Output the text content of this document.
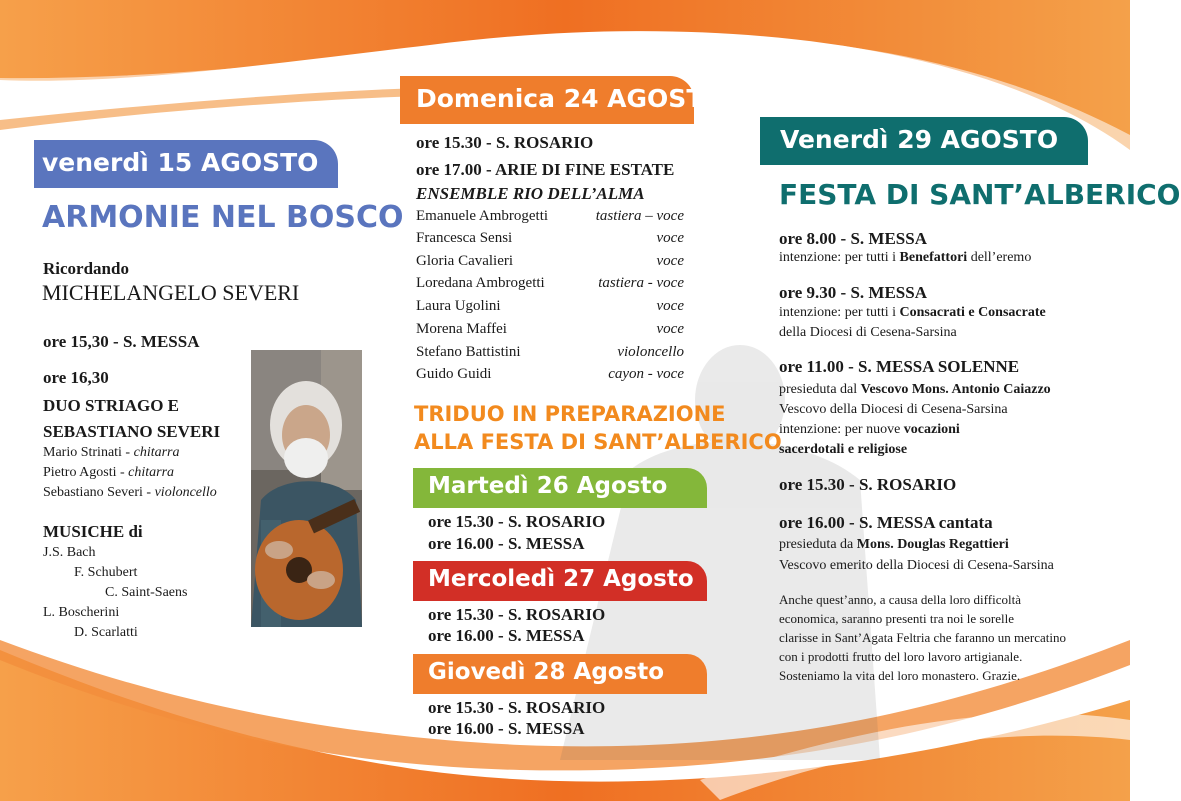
venerdì 15 AGOSTO
ARMONIE NEL BOSCO
Ricordando
MICHELANGELO SEVERI
ore 15,30 - S. MESSA
ore 16,30
DUO STRIAGO E
SEBASTIANO SEVERI
Mario Strinati - chitarra
Pietro Agosti - chitarra
Sebastiano Severi - violoncello
MUSICHE di
J.S. Bach
F. Schubert
C. Saint-Saens
L. Boscherini
D. Scarlatti
Domenica 24 AGOSTO
ore 15.30 - S. ROSARIO
ore 17.00 - ARIE DI FINE ESTATE
ENSEMBLE RIO DELL’ALMA
Emanuele Ambrogetti	tastiera – voce
Francesca Sensi	voce
Gloria Cavalieri	voce
Loredana Ambrogetti	tastiera - voce
Laura Ugolini	voce
Morena Maffei	voce
Stefano Battistini	violoncello
Guido Guidi	cayon - voce
TRIDUO IN PREPARAZIONE
ALLA FESTA DI SANT’ALBERICO
Martedì 26 Agosto
ore 15.30 - S. ROSARIO
ore 16.00 - S. MESSA
Mercoledì 27 Agosto
ore 15.30 - S. ROSARIO
ore 16.00 - S. MESSA
Giovedì 28 Agosto
ore 15.30 - S. ROSARIO
ore 16.00 - S. MESSA
Venerdì 29 AGOSTO
FESTA DI SANT’ALBERICO
ore 8.00 - S. MESSA
intenzione: per tutti i Benefattori dell’eremo
ore 9.30 - S. MESSA
intenzione: per tutti i Consacrati e Consacrate
della Diocesi di Cesena-Sarsina
ore 11.00 - S. MESSA SOLENNE
presieduta dal Vescovo Mons. Antonio Caiazzo
Vescovo della Diocesi di Cesena-Sarsina
intenzione: per nuove vocazioni
sacerdotali e religiose
ore 15.30 - S. ROSARIO
ore 16.00 - S. MESSA cantata
presieduta da Mons. Douglas Regattieri
Vescovo emerito della Diocesi di Cesena-Sarsina
Anche quest’anno, a causa della loro difficoltà
economica, saranno presenti tra noi le sorelle
clarisse in Sant’Agata Feltria che faranno un mercatino
con i prodotti frutto del loro lavoro artigianale.
Sosteniamo la vita del loro monastero. Grazie.
